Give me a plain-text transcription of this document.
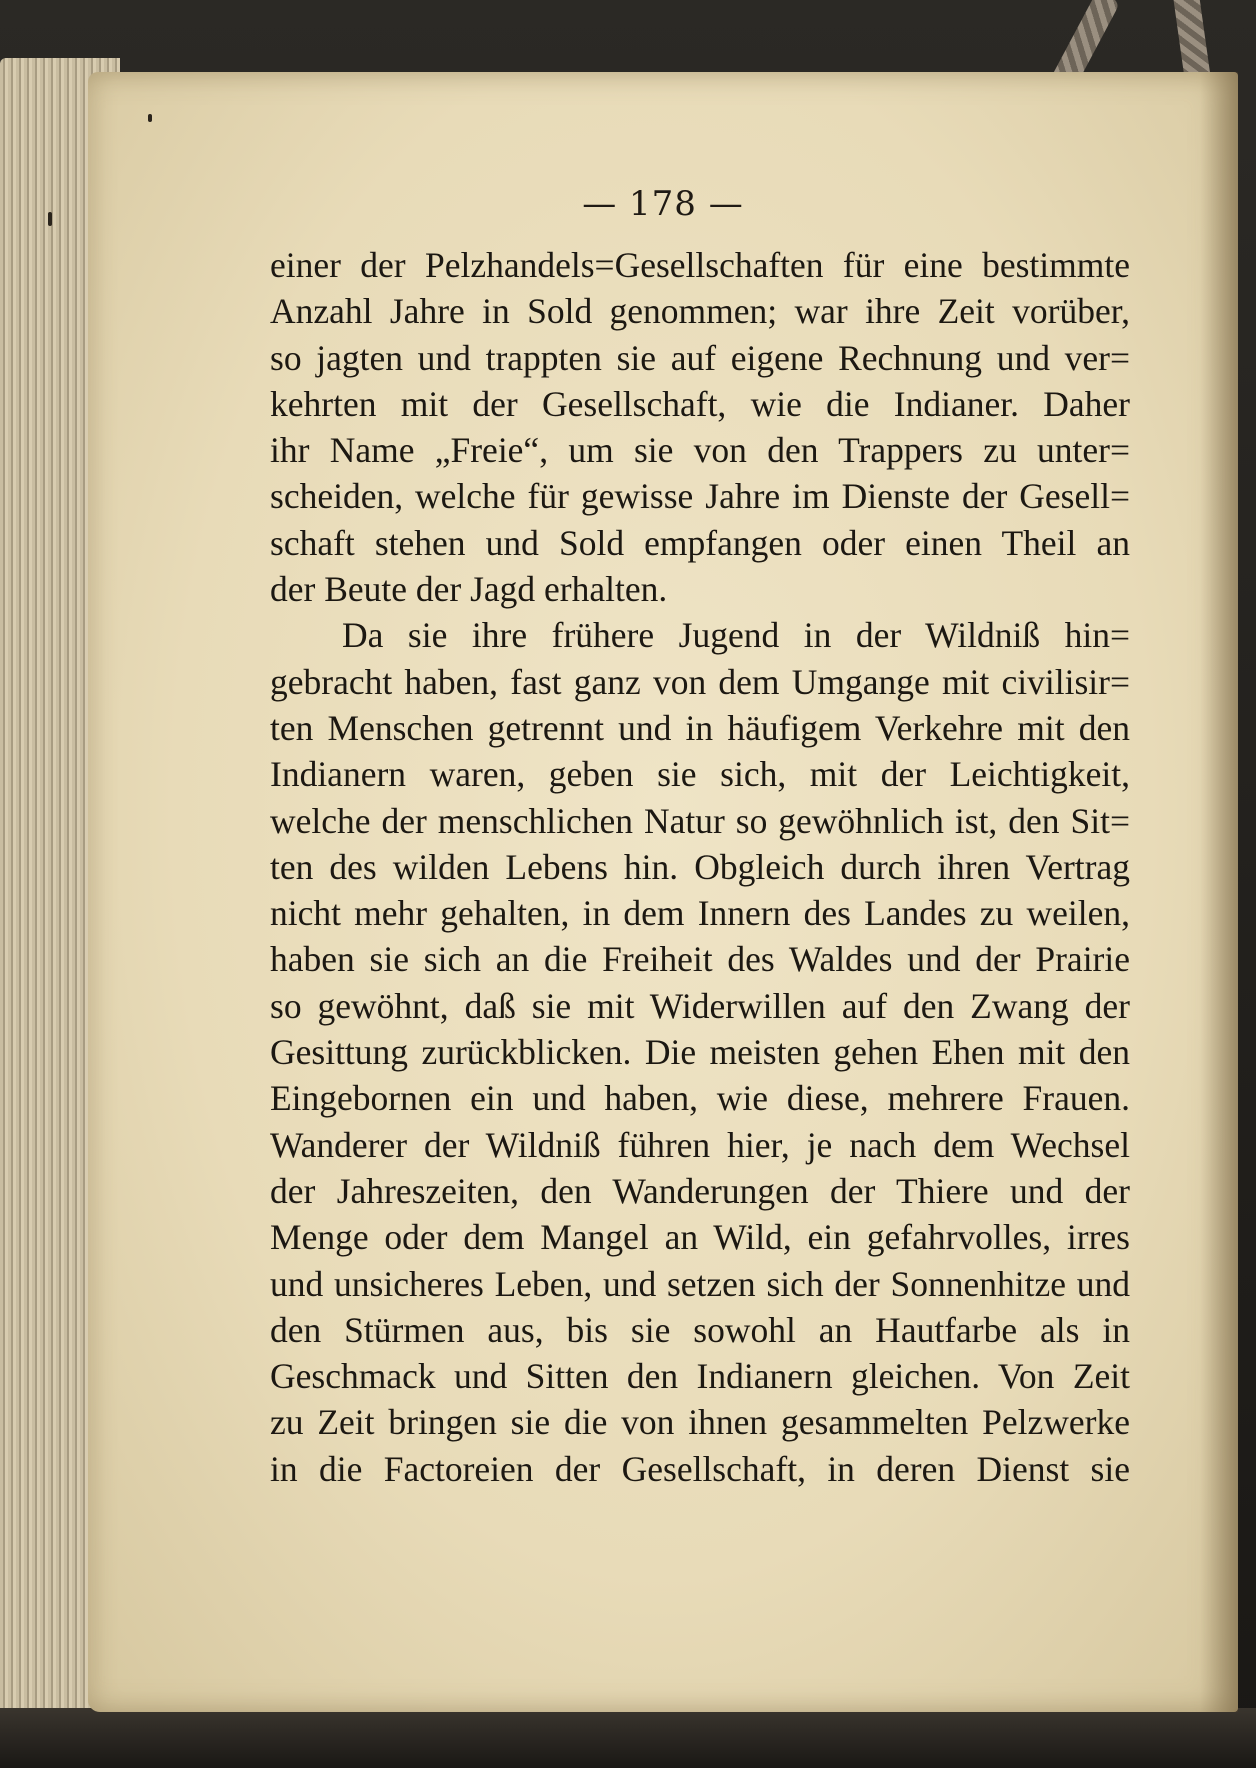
— 178 —
einer der Pelzhandels=Gesellschaften für eine bestimmte
Anzahl Jahre in Sold genommen; war ihre Zeit vorüber,
so jagten und trappten sie auf eigene Rechnung und ver=
kehrten mit der Gesellschaft, wie die Indianer. Daher
ihr Name „Freie“, um sie von den Trappers zu unter=
scheiden, welche für gewisse Jahre im Dienste der Gesell=
schaft stehen und Sold empfangen oder einen Theil an
der Beute der Jagd erhalten.
Da sie ihre frühere Jugend in der Wildniß hin=
gebracht haben, fast ganz von dem Umgange mit civilisir=
ten Menschen getrennt und in häufigem Verkehre mit den
Indianern waren, geben sie sich, mit der Leichtigkeit,
welche der menschlichen Natur so gewöhnlich ist, den Sit=
ten des wilden Lebens hin. Obgleich durch ihren Vertrag
nicht mehr gehalten, in dem Innern des Landes zu weilen,
haben sie sich an die Freiheit des Waldes und der Prairie
so gewöhnt, daß sie mit Widerwillen auf den Zwang der
Gesittung zurückblicken. Die meisten gehen Ehen mit den
Eingebornen ein und haben, wie diese, mehrere Frauen.
Wanderer der Wildniß führen hier, je nach dem Wechsel
der Jahreszeiten, den Wanderungen der Thiere und der
Menge oder dem Mangel an Wild, ein gefahrvolles, irres
und unsicheres Leben, und setzen sich der Sonnenhitze und
den Stürmen aus, bis sie sowohl an Hautfarbe als in
Geschmack und Sitten den Indianern gleichen. Von Zeit
zu Zeit bringen sie die von ihnen gesammelten Pelzwerke
in die Factoreien der Gesellschaft, in deren Dienst sie
